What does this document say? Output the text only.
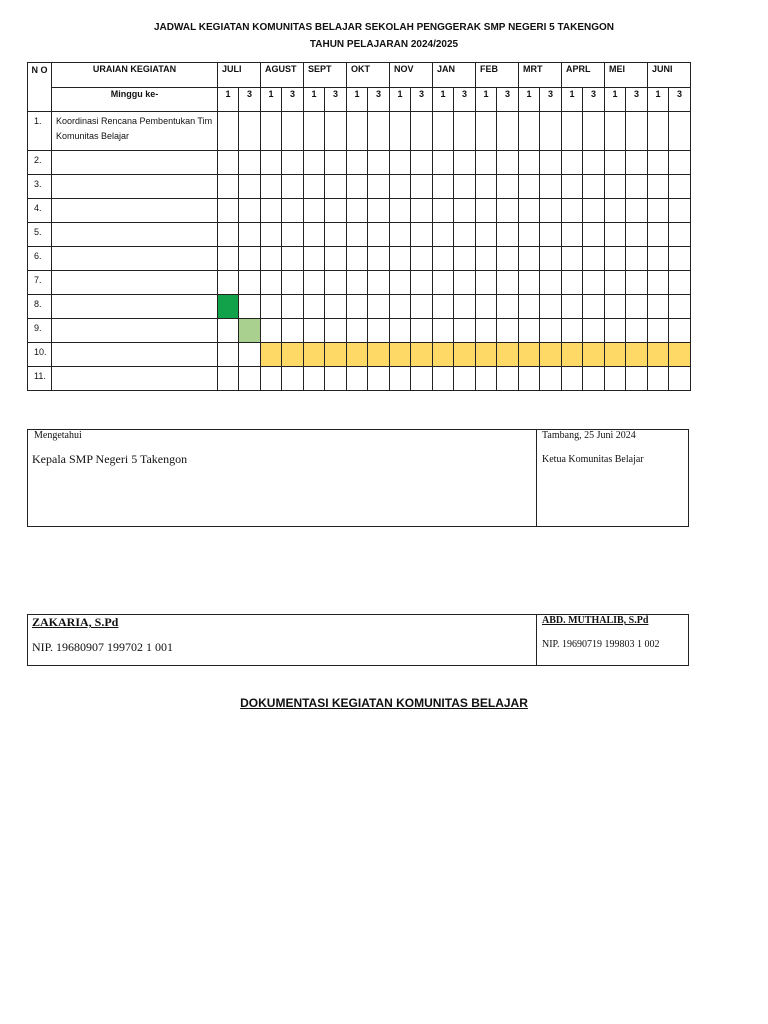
JADWAL KEGIATAN KOMUNITAS BELAJAR SEKOLAH PENGGERAK SMP NEGERI 5 TAKENGON
TAHUN PELAJARAN 2024/2025
N O	URAIAN KEGIATAN	JULI		AGUST		SEPT		OKT		NOV		JAN		FEB		MRT		APRL		MEI		JUNI	
	Minggu ke-	1	3	1	3	1	3	1	3	1	3	1	3	1	3	1	3	1	3	1	3	1	3
1.	Koordinasi Rencana Pembentukan Tim Komunitas Belajar																						
2.																							
3.																							
4.																							
5.																							
6.																							
7.																							
8.																							
9.																							
10.																							
11.																							
Mengetahui
Kepala SMP Negeri 5 Takengon
Tambang, 25 Juni 2024
Ketua Komunitas Belajar
ZAKARIA, S.Pd
NIP. 19680907 199702 1 001
ABD. MUTHALIB, S.Pd
NIP. 19690719 199803 1 002
DOKUMENTASI KEGIATAN KOMUNITAS BELAJAR
